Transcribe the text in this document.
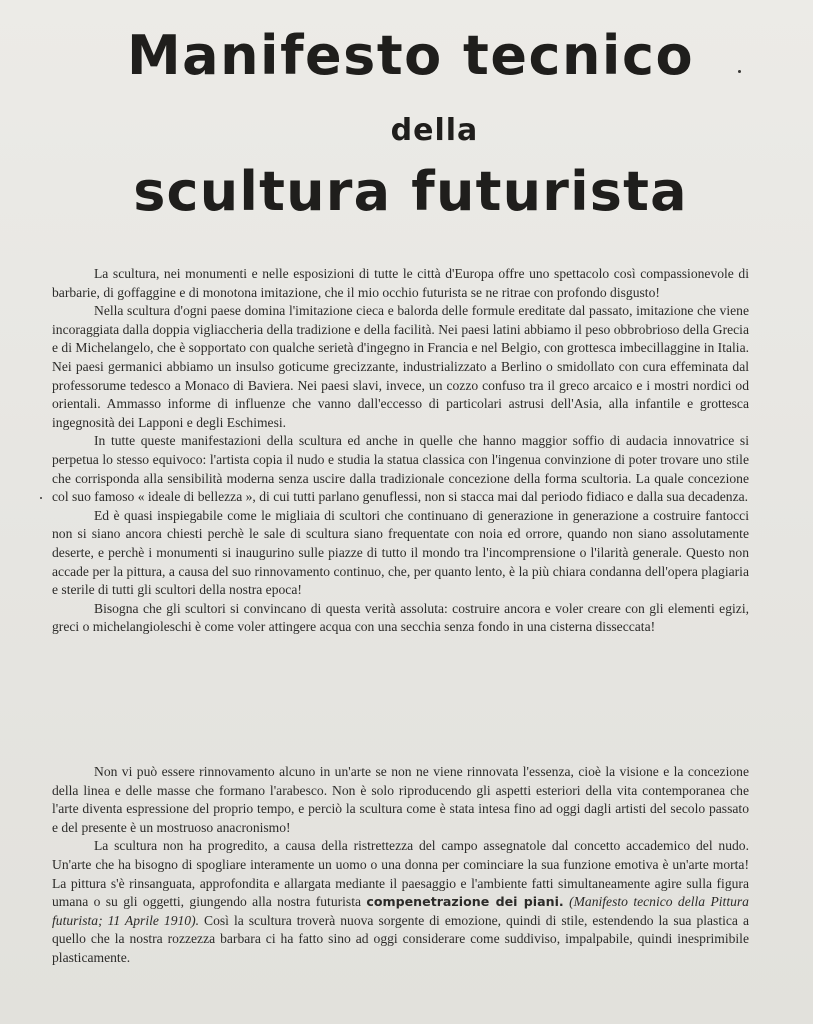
Manifesto tecnico
della
scultura futurista

La scultura, nei monumenti e nelle esposizioni di tutte le città d'Europa offre uno spettacolo così compassionevole di barbarie, di goffaggine e di monotona imitazione, che il mio occhio futurista se ne ritrae con profondo disgusto!

Nella scultura d'ogni paese domina l'imitazione cieca e balorda delle formule ereditate dal passato, imitazione che viene incoraggiata dalla doppia vigliaccheria della tradizione e della facilità. Nei paesi latini abbiamo il peso obbrobrioso della Grecia e di Michelangelo, che è sopportato con qualche serietà d'ingegno in Francia e nel Belgio, con grottesca imbecillaggine in Italia. Nei paesi germanici abbiamo un insulso goticume grecizzante, industrializzato a Berlino o smidollato con cura effeminata dal professorume tedesco a Monaco di Baviera. Nei paesi slavi, invece, un cozzo confuso tra il greco arcaico e i mostri nordici od orientali. Ammasso informe di influenze che vanno dall'eccesso di particolari astrusi dell'Asia, alla infantile e grottesca ingegnosità dei Lapponi e degli Eschimesi.

In tutte queste manifestazioni della scultura ed anche in quelle che hanno maggior soffio di audacia innovatrice si perpetua lo stesso equivoco: l'artista copia il nudo e studia la statua classica con l'ingenua convinzione di poter trovare uno stile che corrisponda alla sensibilità moderna senza uscire dalla tradizionale concezione della forma scultoria. La quale concezione col suo famoso « ideale di bellezza », di cui tutti parlano genuflessi, non si stacca mai dal periodo fidiaco e dalla sua decadenza.

Ed è quasi inspiegabile come le migliaia di scultori che continuano di generazione in generazione a costruire fantocci non si siano ancora chiesti perchè le sale di scultura siano frequentate con noia ed orrore, quando non siano assolutamente deserte, e perchè i monumenti si inaugurino sulle piazze di tutto il mondo tra l'incomprensione o l'ilarità generale. Questo non accade per la pittura, a causa del suo rinnovamento continuo, che, per quanto lento, è la più chiara condanna dell'opera plagiaria e sterile di tutti gli scultori della nostra epoca!

Bisogna che gli scultori si convincano di questa verità assoluta: costruire ancora e voler creare con gli elementi egizi, greci o michelangioleschi è come voler attingere acqua con una secchia senza fondo in una cisterna disseccata!

Non vi può essere rinnovamento alcuno in un'arte se non ne viene rinnovata l'essenza, cioè la visione e la concezione della linea e delle masse che formano l'arabesco. Non è solo riproducendo gli aspetti esteriori della vita contemporanea che l'arte diventa espressione del proprio tempo, e perciò la scultura come è stata intesa fino ad oggi dagli artisti del secolo passato e del presente è un mostruoso anacronismo!

La scultura non ha progredito, a causa della ristrettezza del campo assegnatole dal concetto accademico del nudo. Un'arte che ha bisogno di spogliare interamente un uomo o una donna per cominciare la sua funzione emotiva è un'arte morta! La pittura s'è rinsanguata, approfondita e allargata mediante il paesaggio e l'ambiente fatti simultaneamente agire sulla figura umana o su gli oggetti, giungendo alla nostra futurista compenetrazione dei piani. (Manifesto tecnico della Pittura futurista; 11 Aprile 1910). Così la scultura troverà nuova sorgente di emozione, quindi di stile, estendendo la sua plastica a quello che la nostra rozzezza barbara ci ha fatto sino ad oggi considerare come suddiviso, impalpabile, quindi inesprimibile plasticamente.
